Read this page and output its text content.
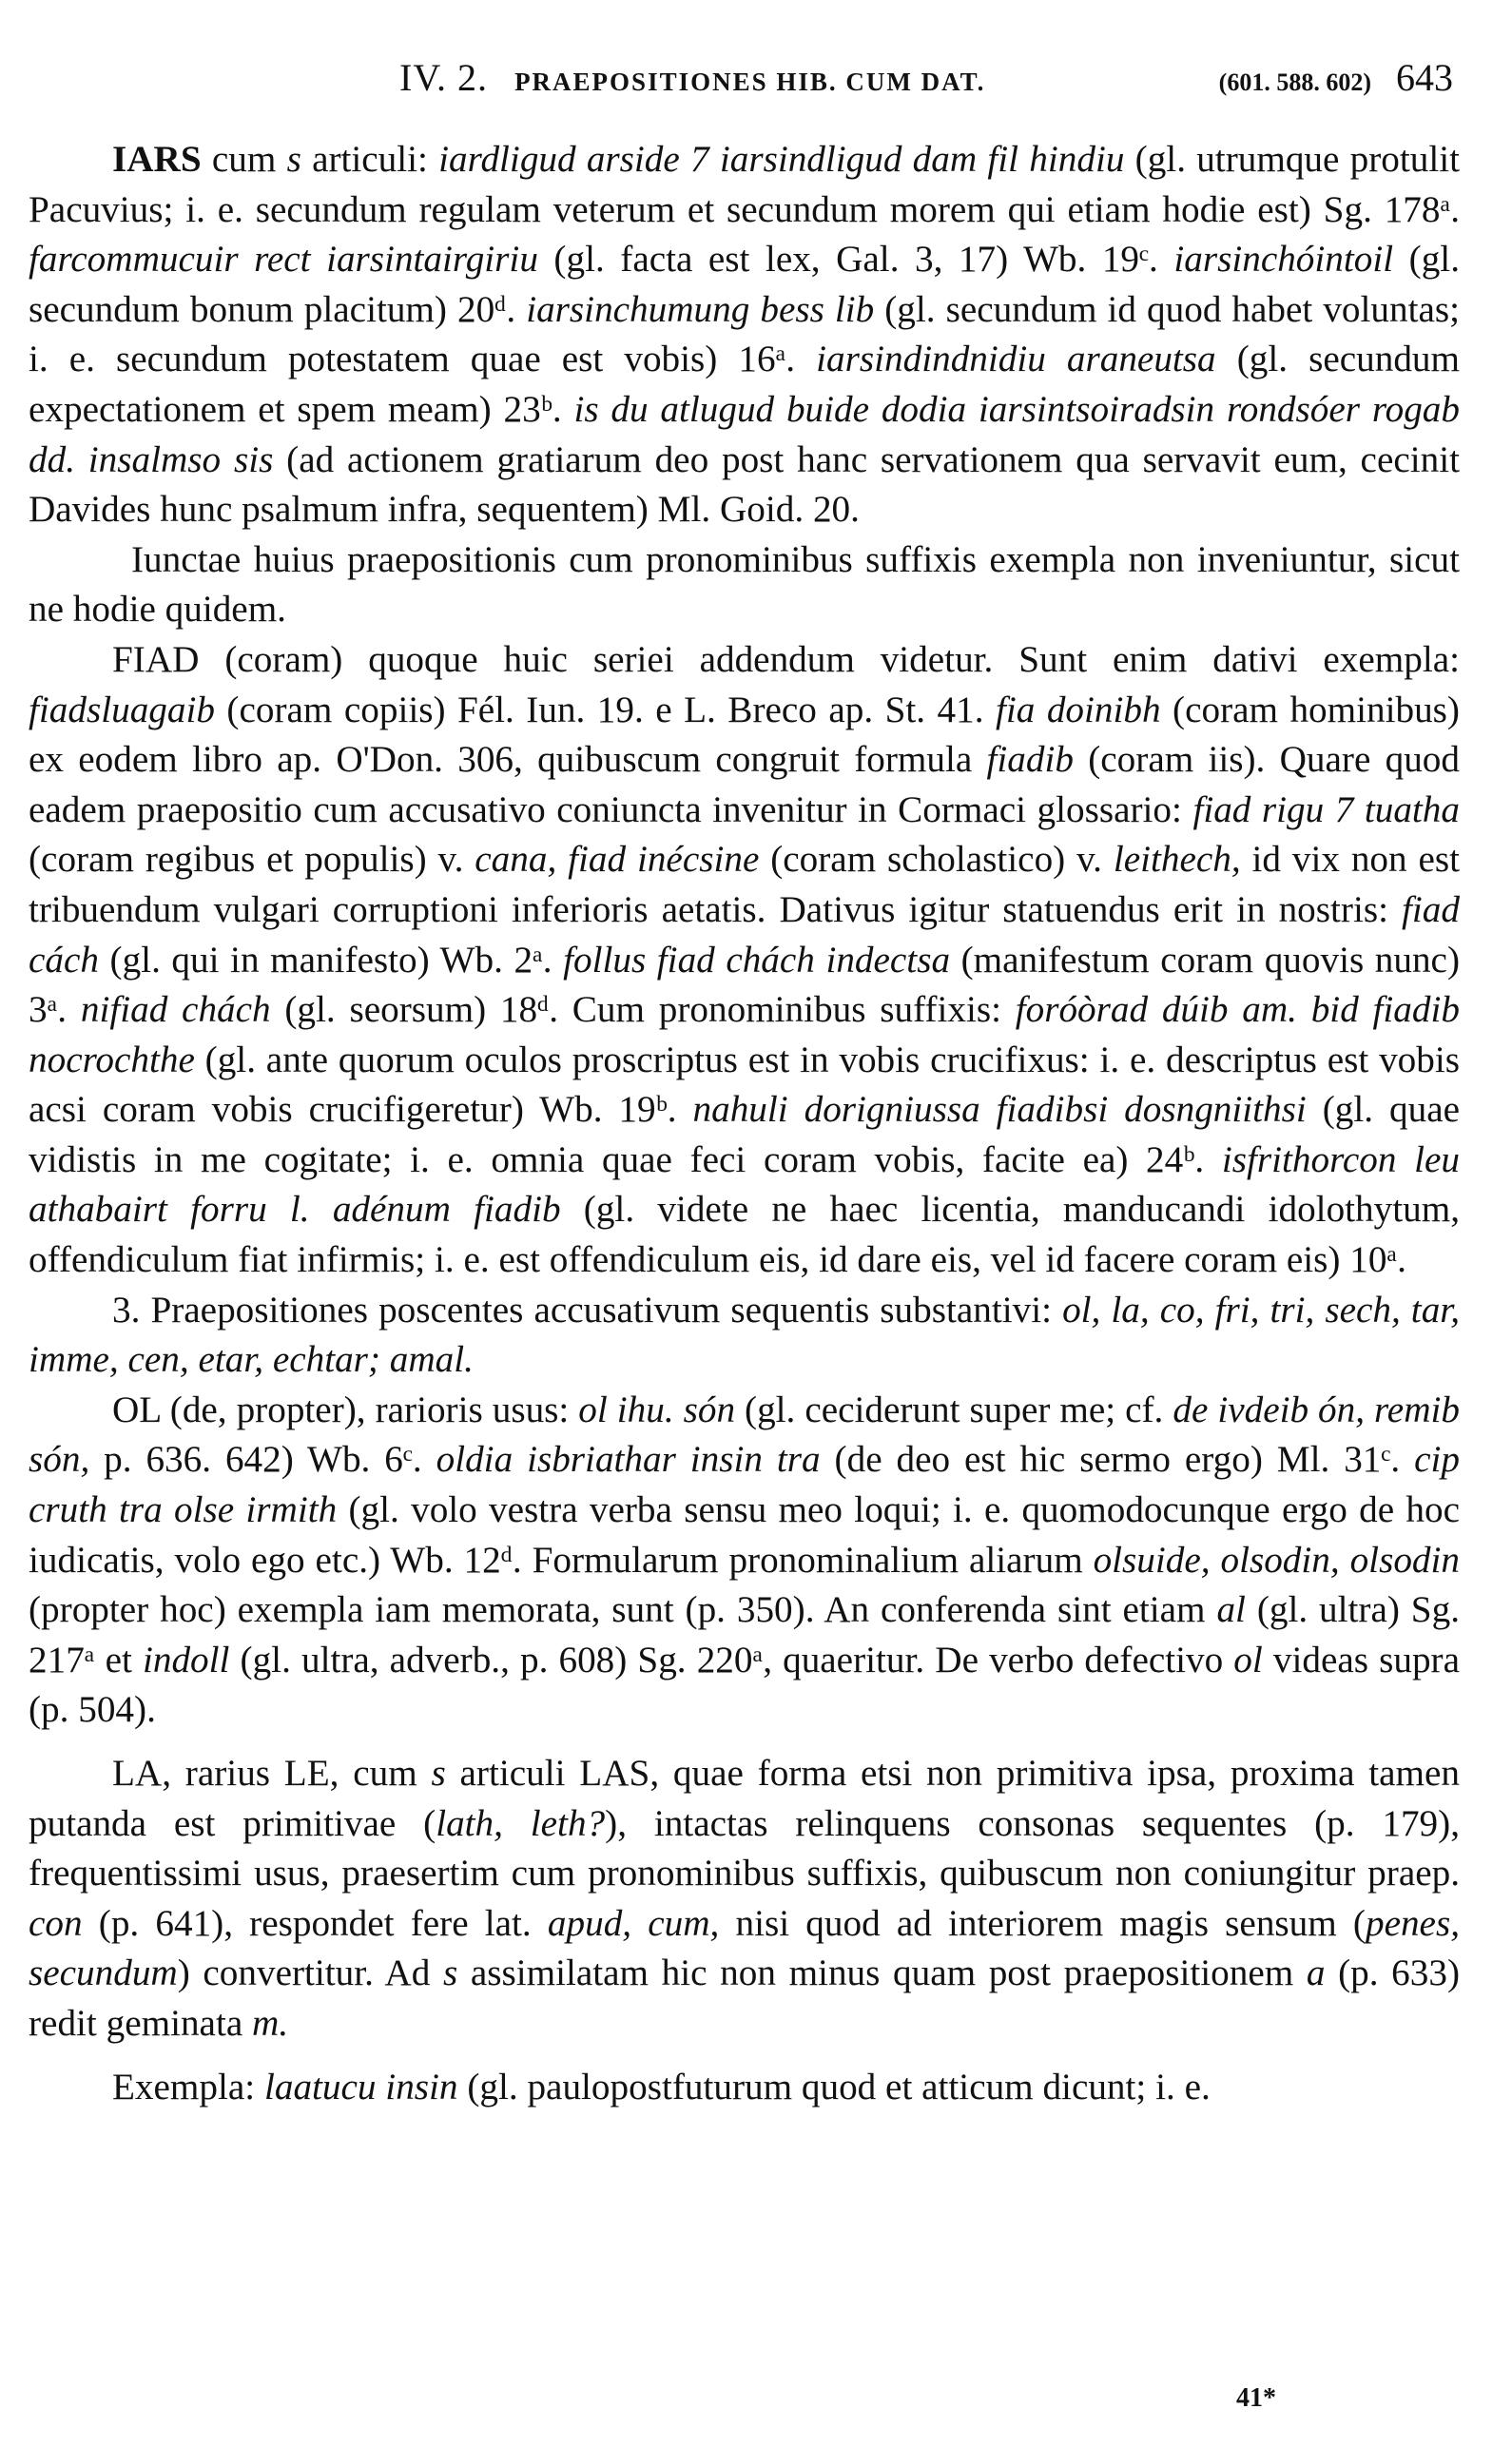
IV. 2. PRAEPOSITIONES HIB. CUM DAT.	(601. 588. 602) 643

IARS cum s articuli: iardligud arside 7 iarsindligud dam fil hindiu (gl. utrumque protulit Pacuvius; i. e. secundum regulam veterum et secundum morem qui etiam hodie est) Sg. 178ᵃ. farcommucuir rect iarsintairgiriu (gl. facta est lex, Gal. 3, 17) Wb. 19ᶜ. iarsinchóintoil (gl. secundum bonum placitum) 20ᵈ. iarsinchumung bess lib (gl. secundum id quod habet voluntas; i. e. secundum potestatem quae est vobis) 16ᵃ. iarsindindnidiu araneutsa (gl. secundum expectationem et spem meam) 23ᵇ. is du atlugud buide dodia iarsintsoiradsin rondsóer rogab dd. insalmso sis (ad actionem gratiarum deo post hanc servationem qua servavit eum, cecinit Davides hunc psalmum infra, sequentem) Ml. Goid. 20.

Iunctae huius praepositionis cum pronominibus suffixis exempla non inveniuntur, sicut ne hodie quidem.

FIAD (coram) quoque huic seriei addendum videtur. Sunt enim dativi exempla: fiadsluagaib (coram copiis) Fél. Iun. 19. e L. Breco ap. St. 41. fia doinibh (coram hominibus) ex eodem libro ap. O'Don. 306, quibuscum congruit formula fiadib (coram iis). Quare quod eadem praepositio cum accusativo coniuncta invenitur in Cormaci glossario: fiad rigu 7 tuatha (coram regibus et populis) v. cana, fiad inécsine (coram scholastico) v. leithech, id vix non est tribuendum vulgari corruptioni inferioris aetatis. Dativus igitur statuendus erit in nostris: fiad cách (gl. qui in manifesto) Wb. 2ᵃ. follus fiad chách indectsa (manifestum coram quovis nunc) 3ᵃ. nifiad chách (gl. seorsum) 18ᵈ. Cum pronominibus suffixis: foróòrad dúib am. bid fiadib nocrochthe (gl. ante quorum oculos proscriptus est in vobis crucifixus: i. e. descriptus est vobis acsi coram vobis crucifigeretur) Wb. 19ᵇ. nahuli dorigniussa fiadibsi dosngniithsi (gl. quae vidistis in me cogitate; i. e. omnia quae feci coram vobis, facite ea) 24ᵇ. isfrithorcon leu athabairt forru l. adénum fiadib (gl. videte ne haec licentia, manducandi idolothytum, offendiculum fiat infirmis; i. e. est offendiculum eis, id dare eis, vel id facere coram eis) 10ᵃ.

3. Praepositiones poscentes accusativum sequentis substantivi: ol, la, co, fri, tri, sech, tar, imme, cen, etar, echtar; amal.

OL (de, propter), rarioris usus: ol ihu. són (gl. ceciderunt super me; cf. de ivdeib ón, remib són, p. 636. 642) Wb. 6ᶜ. oldia isbriathar insin tra (de deo est hic sermo ergo) Ml. 31ᶜ. cip cruth tra olse irmith (gl. volo vestra verba sensu meo loqui; i. e. quomodocunque ergo de hoc iudicatis, volo ego etc.) Wb. 12ᵈ. Formularum pronominalium aliarum olsuide, olsodin, olsodin (propter hoc) exempla iam memorata, sunt (p. 350). An conferenda sint etiam al (gl. ultra) Sg. 217ᵃ et indoll (gl. ultra, adverb., p. 608) Sg. 220ᵃ, quaeritur. De verbo defectivo ol videas supra (p. 504).

LA, rarius LE, cum s articuli LAS, quae forma etsi non primitiva ipsa, proxima tamen putanda est primitivae (lath, leth?), intactas relinquens consonas sequentes (p. 179), frequentissimi usus, praesertim cum pronominibus suffixis, quibuscum non coniungitur praep. con (p. 641), respondet fere lat. apud, cum, nisi quod ad interiorem magis sensum (penes, secundum) convertitur. Ad s assimilatam hic non minus quam post praepositionem a (p. 633) redit geminata m.

Exempla: laatucu insin (gl. paulopostfuturum quod et atticum dicunt; i. e.

41*
